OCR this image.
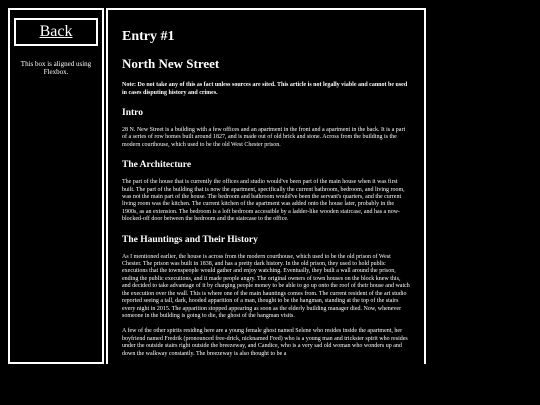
Back
This box is aligned using Flexbox.
Entry #1
North New Street

Note: Do not take any of this as fact unless sources are sited. This article is not legally viable and cannot be used in cases disputing history and crimes.

Intro

28 N. New Street is a building with a few offices and an apartment in the front and a apartment in the back. It is a part of a series of row homes built around 1827, and is made out of old brick and stone. Across from the building is the modern courthouse, which used to be the old West Chester prison.

The Architecture

The part of the house that is currently the offices and studio would've been part of the main house when it was first built. The part of the building that is now the apartment, specifically the current bathroom, bedroom, and living room, was not the main part of the house. The bedroom and bathroom would've been the servant's quarters, and the current living room was the kitchen. The current kitchen of the apartment was added onto the house later, probably in the 1900s, as an extension. The bedroom is a loft bedroom accessible by a ladder-like wooden staircase, and has a now-blocked-off door between the bedroom and the staircase to the office.

The Hauntings and Their History

As I mentioned earlier, the house is across from the modern courthouse, which used to be the old prison of West Chester. The prison was built in 1838, and has a pretty dark history. In the old prison, they used to hold public executions that the townspeople would gather and enjoy watching. Eventually, they built a wall around the prison, ending the public executions, and it made people angry. The original owners of town houses on the block knew this, and decided to take advantage of it by charging people money to be able to go up onto the roof of their house and watch the execution over the wall. This is where one of the main hauntings comes from. The current resident of the art studio reported seeing a tall, dark, hooded apparition of a man, thought to be the hangman, standing at the top of the stairs every night in 2015. The apparition stopped appearing as soon as the elderly building manager died. Now, whenever someone in the building is going to die, the ghost of the hangman visits.

A few of the other spirits residing here are a young female ghost named Selene who resides inside the apartment, her boyfriend named Fredrik (pronounced free-drick, nicknamed Fred) who is a young man and trickster spirit who resides under the outside stairs right outside the breezeway, and Candice, who is a very sad old woman who wonders up and down the walkway constantly. The breezeway is also thought to be a
